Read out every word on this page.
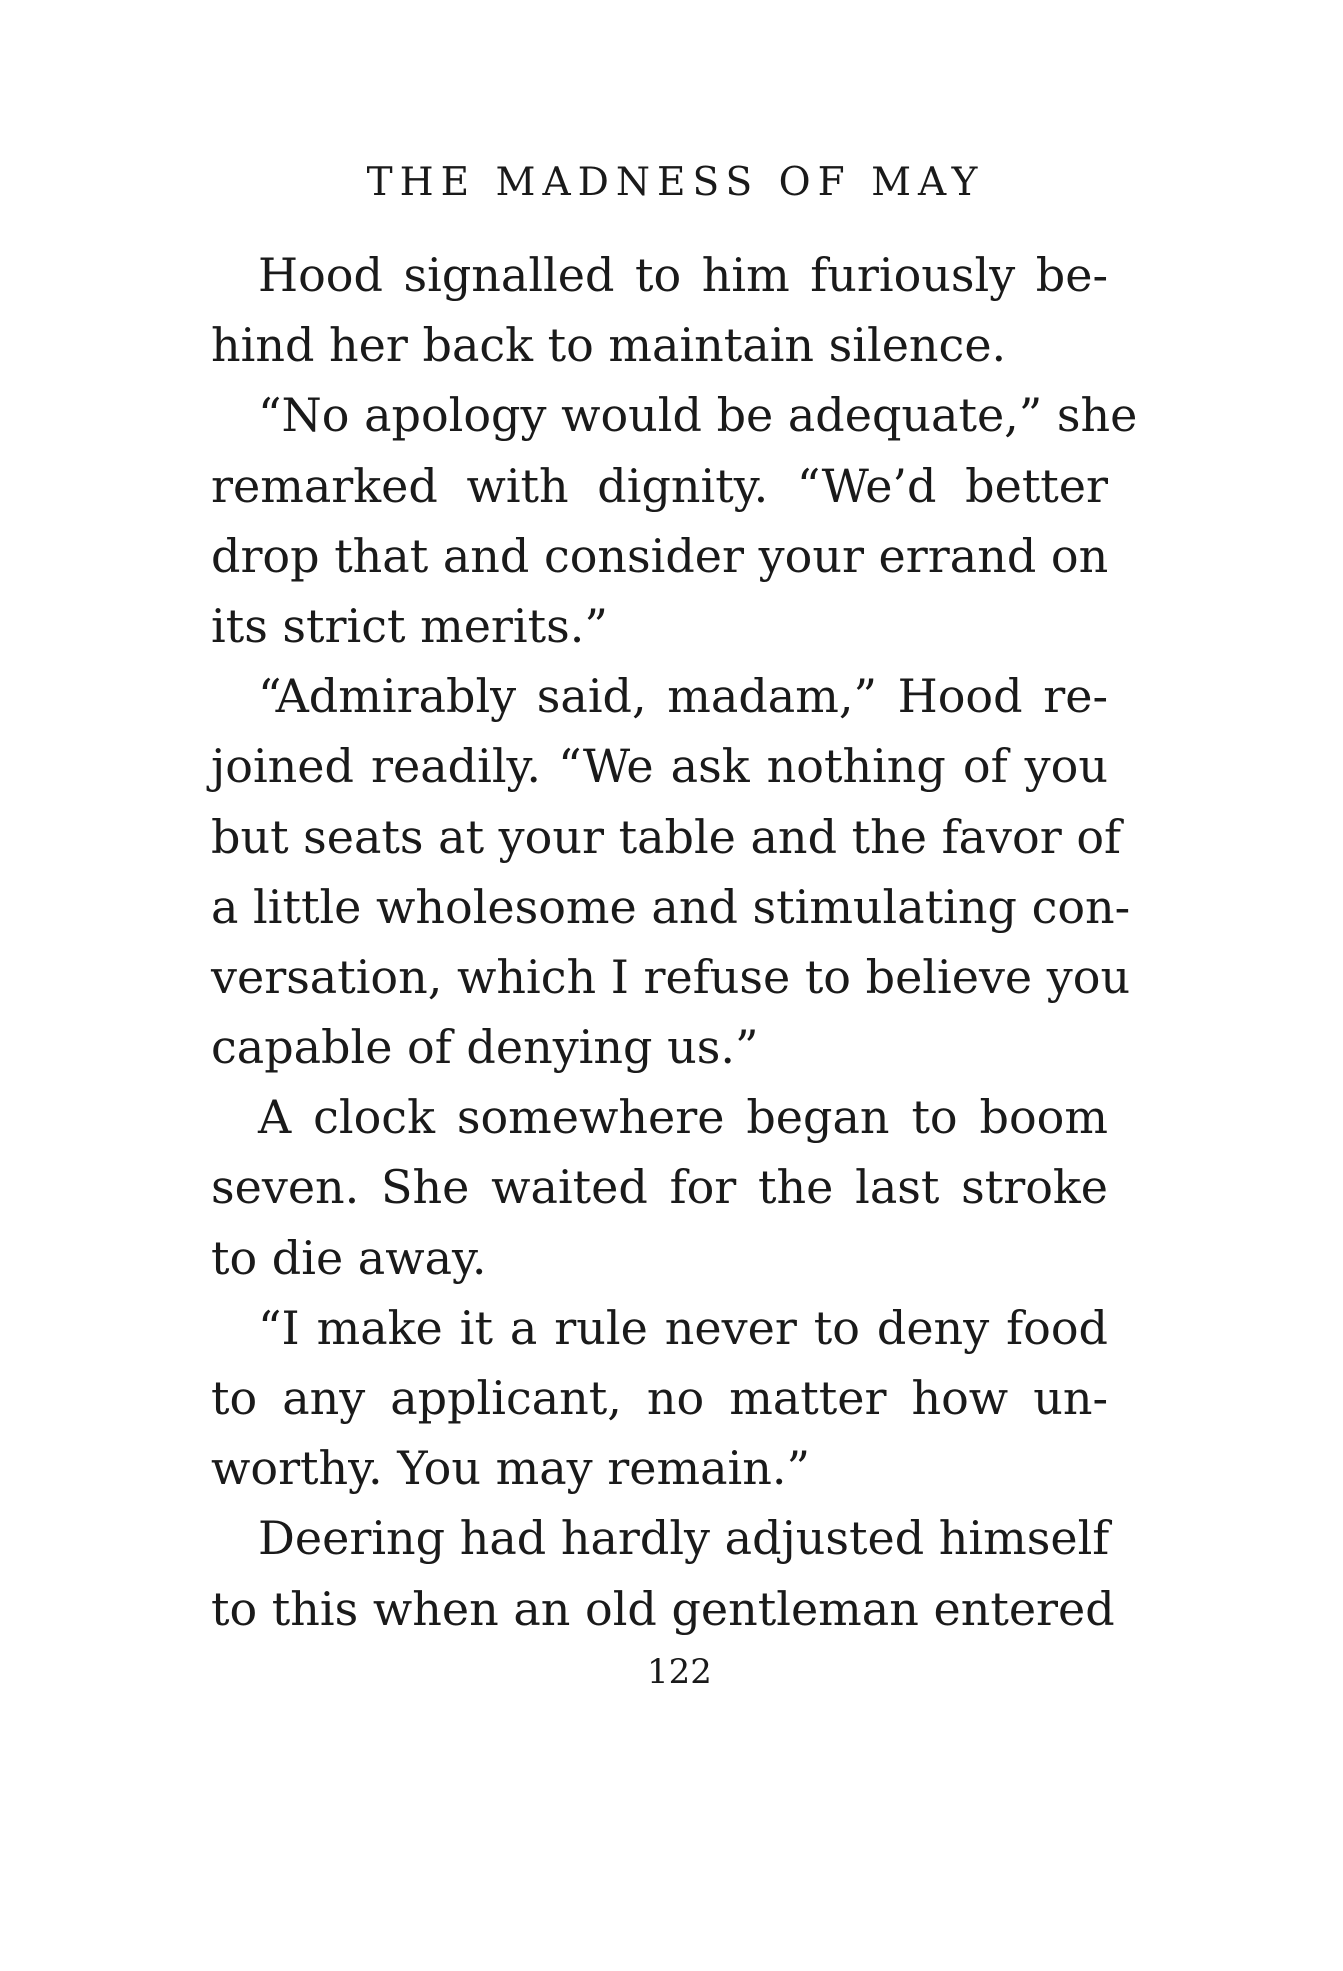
THE MADNESS OF MAY
Hood signalled to him furiously be-
hind her back to maintain silence.
“No apology would be adequate,” she
remarked with dignity. “We’d better
drop that and consider your errand on
its strict merits.”
“Admirably said, madam,” Hood re-
joined readily. “We ask nothing of you
but seats at your table and the favor of
a little wholesome and stimulating con-
versation, which I refuse to believe you
capable of denying us.”
A clock somewhere began to boom
seven. She waited for the last stroke
to die away.
“I make it a rule never to deny food
to any applicant, no matter how un-
worthy. You may remain.”
Deering had hardly adjusted himself
to this when an old gentleman entered
122
